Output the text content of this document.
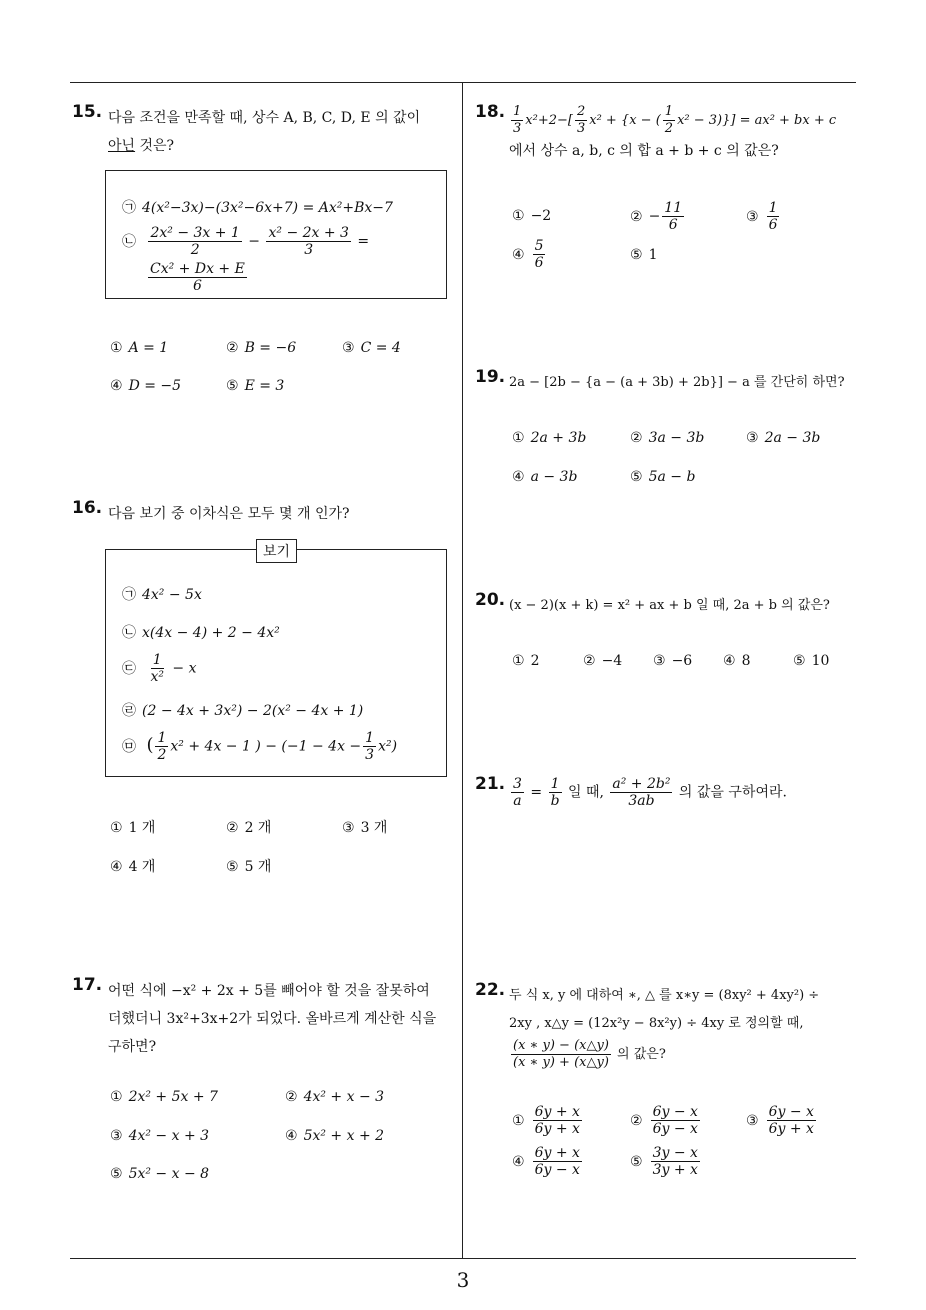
15. 다음 조건을 만족할 때, 상수 A, B, C, D, E 의 값이
아닌 것은?
㉠ 4(x²−3x)−(3x²−6x+7) = Ax²+Bx−7
㉡ $\frac{\text{2x² − 3x + 1}}{2} - \frac{\text{x² − 2x + 3}}{3}$ =
$\frac{\text{Cx² + Dx + E}}{6}$
① A = 1	② B = −6	③ C = 4
④ D = −5	⑤ E = 3
16. 다음 보기 중 이차식은 모두 몇 개 인가?
보기
㉠ 4x² − 5x
㉡ x(4x − 4) + 2 − 4x²
㉢ $\frac{1}{\text{x²}} - x$
㉣ (2 − 4x + 3x²) − 2(x² − 4x + 1)
㉤ ( $\frac{1}{2} x^2 + 4x - 1$ ) − $(-1 - 4x - \frac{1}{3} x^2)$
① 1 개	② 2 개	③ 3 개
④ 4 개	⑤ 5 개
17. 어떤 식에 −x² + 2x + 5를 빼어야 할 것을 잘못하여
더했더니 3x²+3x+2가 되었다. 올바르게 계산한 식을
구하면?
① 2x² + 5x + 7	② 4x² + x − 3
③ 4x² − x + 3	④ 5x² + x + 2
⑤ 5x² − x − 8
18. $\frac{1}{3} x^2+2-[ \frac{2}{3} x^2 + \{x$ − ( $\frac{1}{2} x^2 - 3)\}] = ax^2$ + bx + c
에서 상수 a, b, c 의 합 a + b + c 의 값은?
① −2	② − $\frac{11}{6}$	③ $\frac{1}{6}$
④ $\frac{5}{6}$	⑤ 1
19. 2a − [2b − {a − (a + 3b) + 2b}] − a 를 간단히 하면?
① 2a + 3b	② 3a − 3b	③ 2a − 3b
④ a − 3b	⑤ 5a − b
20. (x − 2)(x + k) = x² + ax + b 일 때, 2a + b 의 값은?
① 2	② −4 ③ −6 ④ 8	⑤ 10
21. $\frac{3}{a} = \frac{1}{b}$ 일 때, $\frac{\text{a² + 2b²}}{3ab}$ 의 값을 구하여라.
22. 두 식 x, y 에 대하여 ∗, △ 를 x∗y = (8xy² + 4xy²) ÷
2xy , x△y = (12x²y − 8x²y) ÷ 4xy 로 정의할 때,

$\frac{(x ∗ y) - (x\triangle y)}{(x ∗ y) + (x\triangle y)}$ 의 값은?
① $\frac{6y + x}{6y + x}$	② $\frac{6y - x}{6y - x}$	③ $\frac{6y - x}{6y + x}$
④ $\frac{6y + x}{6y - x}$	⑤ $\frac{3y - x}{3y + x}$
3
